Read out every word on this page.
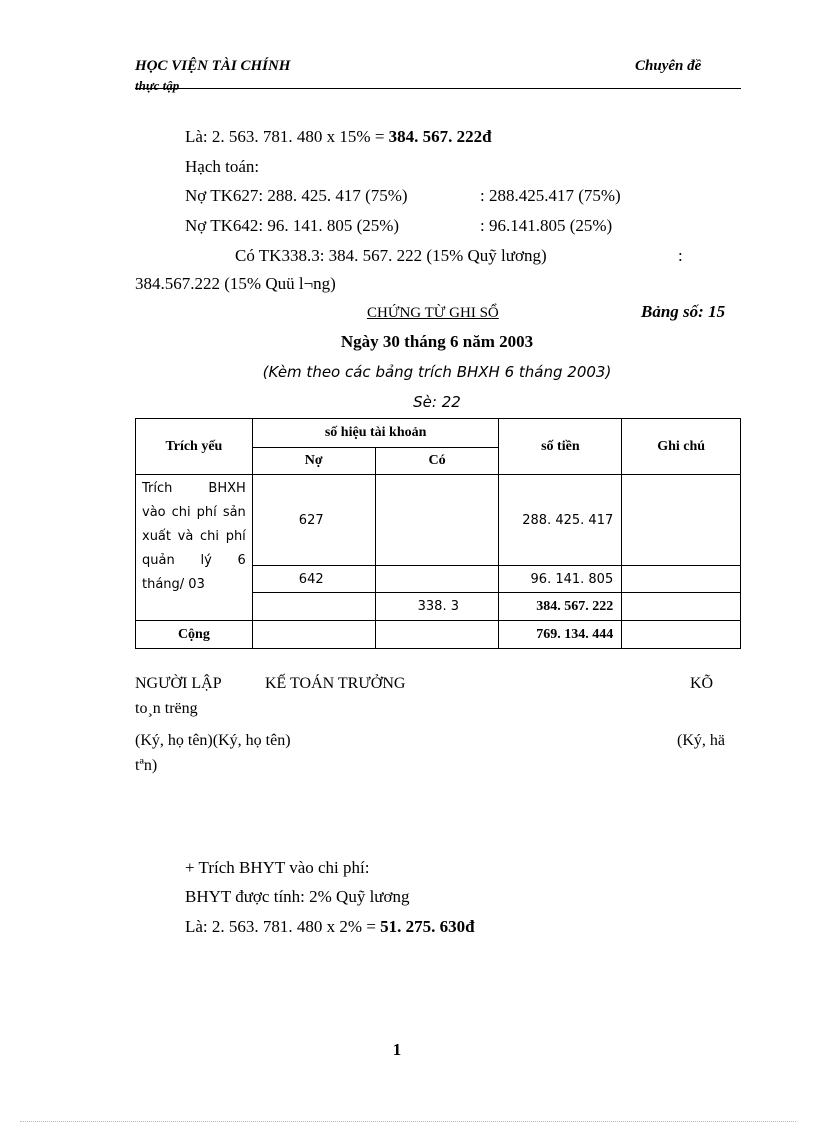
HỌC VIỆN TÀI CHÍNH
thực tập
Chuyên đề
Là: 2. 563. 781. 480 x 15% = 384. 567. 222đ
Hạch toán:
Nợ TK627: 288. 425. 417 (75%)	: 288.425.417 (75%)
Nợ TK642: 96. 141. 805 (25%)	: 96.141.805 (25%)
Có TK338.3: 384. 567. 222 (15% Quỹ lương)	:
384.567.222 (15% Quü l¬ng)
CHỨNG TỪ GHI SỔ	Bảng số: 15
Ngày 30 tháng 6 năm 2003
(Kèm theo các bảng trích BHXH 6 tháng 2003)
Sè: 22
Trích yếu	số hiệu tài khoản		số tiền	Ghi chú
	Nợ	Có		

Trích BHXH
vào chi phí sản
xuất và chi phí
quản lý 6
tháng/ 03	627		288. 425. 417	
	642		96. 141. 805	
		338. 3	384. 567. 222	
Cộng			769. 134. 444	
NGƯỜI LẬP	KẾ TOÁN TRƯỞNG	KÕ
to¸n trëng
(Ký, họ tên)(Ký, họ tên)	(Ký, hä
tªn)
+ Trích BHYT vào chi phí:
BHYT được tính: 2% Quỹ lương
Là: 2. 563. 781. 480 x 2% = 51. 275. 630đ
1
